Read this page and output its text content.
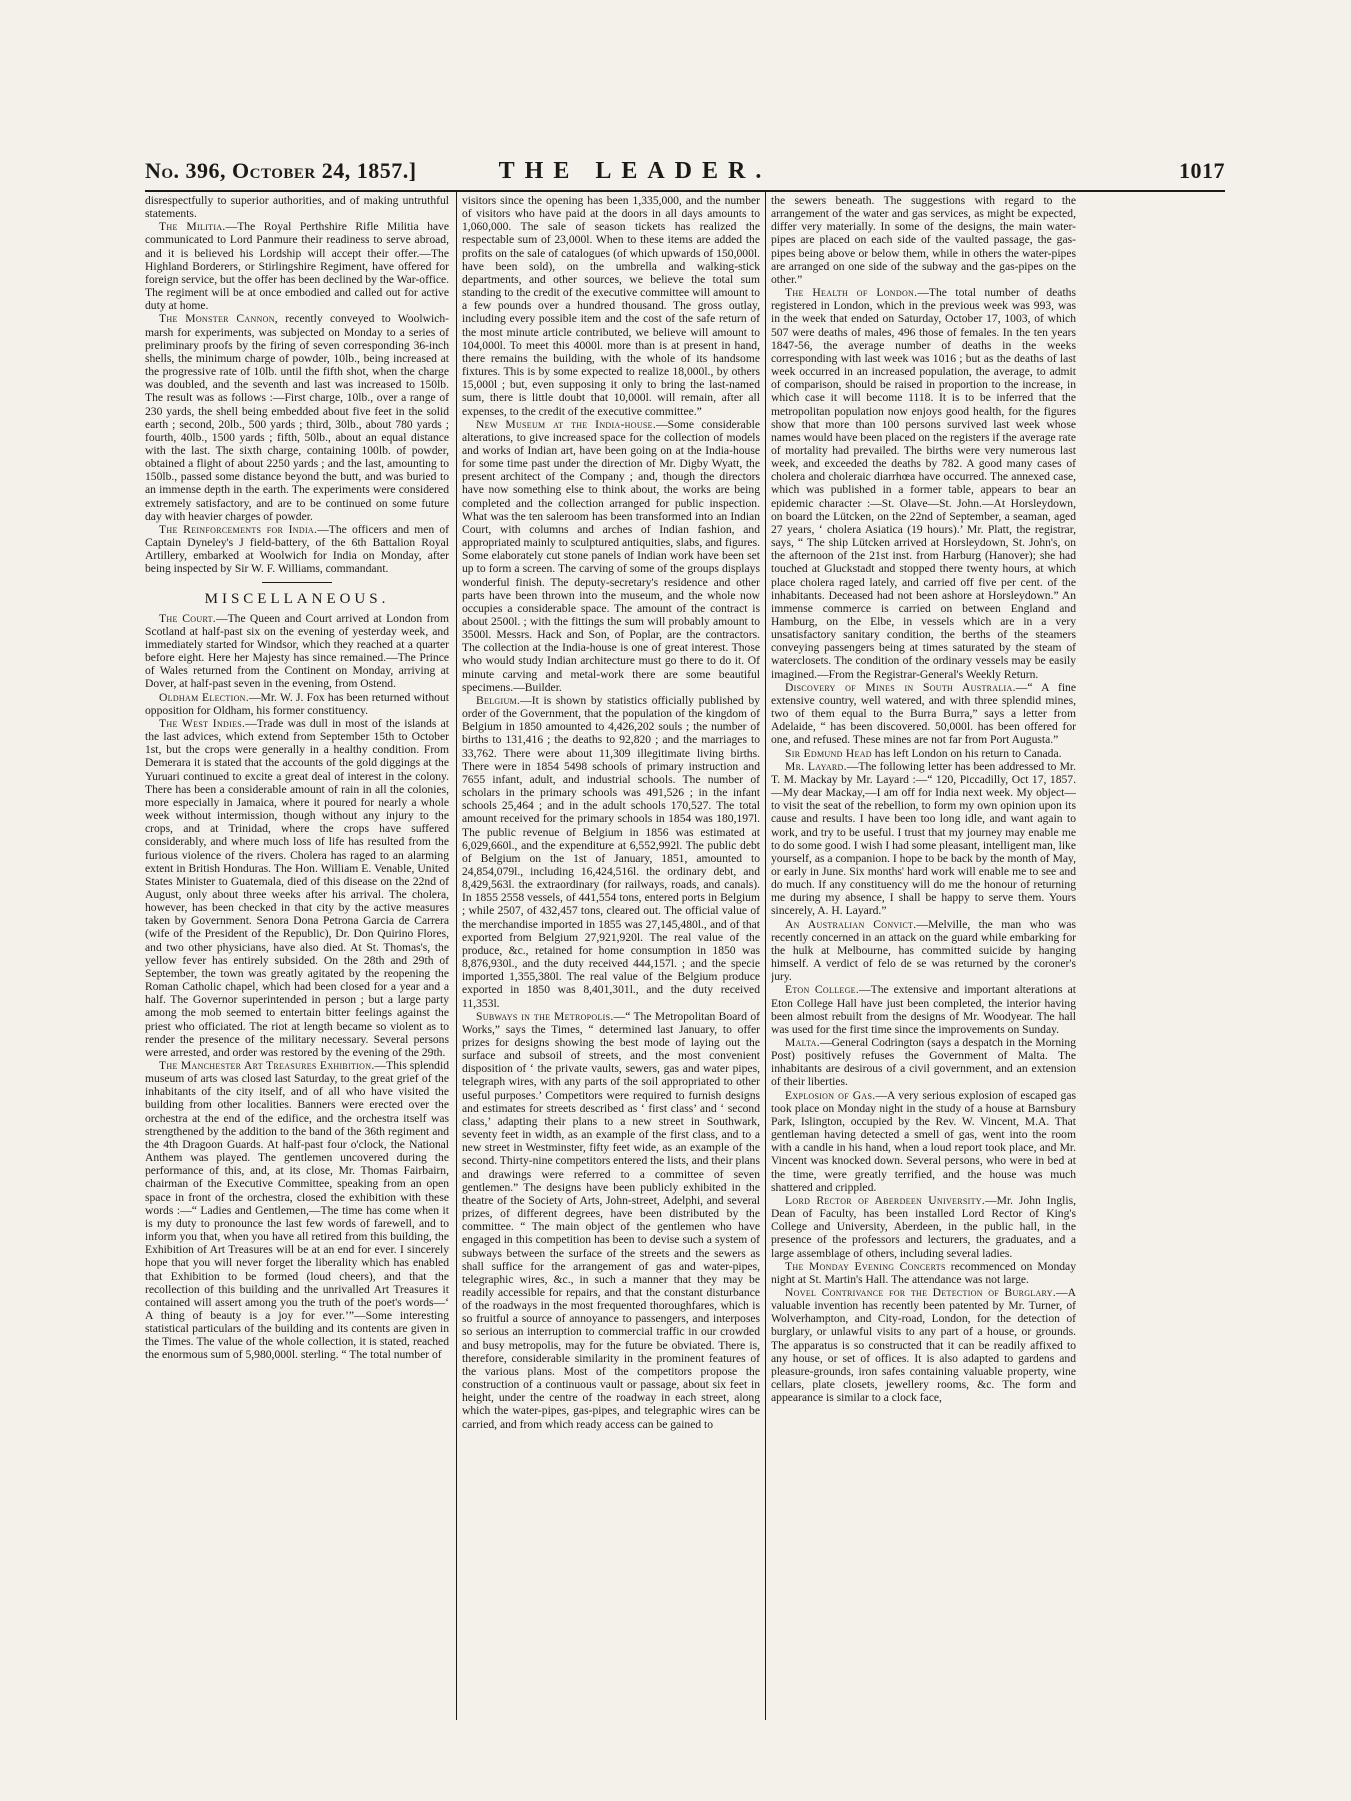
No. 396, October 24, 1857.]	THE LEADER.	1017

disrespectfully to superior authorities, and of making untruthful statements.

The Militia.—The Royal Perthshire Rifle Militia have communicated to Lord Panmure their readiness to serve abroad, and it is believed his Lordship will accept their offer.—The Highland Borderers, or Stirlingshire Regiment, have offered for foreign service, but the offer has been declined by the War-office. The regiment will be at once embodied and called out for active duty at home.

The Monster Cannon, recently conveyed to Woolwich-marsh for experiments, was subjected on Monday to a series of preliminary proofs by the firing of seven corresponding 36-inch shells, the minimum charge of powder, 10lb., being increased at the progressive rate of 10lb. until the fifth shot, when the charge was doubled, and the seventh and last was increased to 150lb. The result was as follows :—First charge, 10lb., over a range of 230 yards, the shell being embedded about five feet in the solid earth ; second, 20lb., 500 yards ; third, 30lb., about 780 yards ; fourth, 40lb., 1500 yards ; fifth, 50lb., about an equal distance with the last. The sixth charge, containing 100lb. of powder, obtained a flight of about 2250 yards ; and the last, amounting to 150lb., passed some distance beyond the butt, and was buried to an immense depth in the earth. The experiments were considered extremely satisfactory, and are to be continued on some future day with heavier charges of powder.

The Reinforcements for India.—The officers and men of Captain Dyneley's J field-battery, of the 6th Battalion Royal Artillery, embarked at Woolwich for India on Monday, after being inspected by Sir W. F. Williams, commandant.

MISCELLANEOUS.

The Court.—The Queen and Court arrived at London from Scotland at half-past six on the evening of yesterday week, and immediately started for Windsor, which they reached at a quarter before eight. Here her Majesty has since remained.—The Prince of Wales returned from the Continent on Monday, arriving at Dover, at half-past seven in the evening, from Ostend.

Oldham Election.—Mr. W. J. Fox has been returned without opposition for Oldham, his former constituency.

The West Indies.—Trade was dull in most of the islands at the last advices, which extend from September 15th to October 1st, but the crops were generally in a healthy condition. From Demerara it is stated that the accounts of the gold diggings at the Yuruari continued to excite a great deal of interest in the colony. There has been a considerable amount of rain in all the colonies, more especially in Jamaica, where it poured for nearly a whole week without intermission, though without any injury to the crops, and at Trinidad, where the crops have suffered considerably, and where much loss of life has resulted from the furious violence of the rivers. Cholera has raged to an alarming extent in British Honduras. The Hon. William E. Venable, United States Minister to Guatemala, died of this disease on the 22nd of August, only about three weeks after his arrival. The cholera, however, has been checked in that city by the active measures taken by Government. Senora Dona Petrona Garcia de Carrera (wife of the President of the Republic), Dr. Don Quirino Flores, and two other physicians, have also died. At St. Thomas's, the yellow fever has entirely subsided. On the 28th and 29th of September, the town was greatly agitated by the reopening the Roman Catholic chapel, which had been closed for a year and a half. The Governor superintended in person ; but a large party among the mob seemed to entertain bitter feelings against the priest who officiated. The riot at length became so violent as to render the presence of the military necessary. Several persons were arrested, and order was restored by the evening of the 29th.

The Manchester Art Treasures Exhibition.—This splendid museum of arts was closed last Saturday, to the great grief of the inhabitants of the city itself, and of all who have visited the building from other localities. Banners were erected over the orchestra at the end of the edifice, and the orchestra itself was strengthened by the addition to the band of the 36th regiment and the 4th Dragoon Guards. At half-past four o'clock, the National Anthem was played. The gentlemen uncovered during the performance of this, and, at its close, Mr. Thomas Fairbairn, chairman of the Executive Committee, speaking from an open space in front of the orchestra, closed the exhibition with these words :—“ Ladies and Gentlemen,—The time has come when it is my duty to pronounce the last few words of farewell, and to inform you that, when you have all retired from this building, the Exhibition of Art Treasures will be at an end for ever. I sincerely hope that you will never forget the liberality which has enabled that Exhibition to be formed (loud cheers), and that the recollection of this building and the unrivalled Art Treasures it contained will assert among you the truth of the poet's words—‘ A thing of beauty is a joy for ever.’”—Some interesting statistical particulars of the building and its contents are given in the Times. The value of the whole collection, it is stated, reached the enormous sum of 5,980,000l. sterling. “ The total number of

visitors since the opening has been 1,335,000, and the number of visitors who have paid at the doors in all days amounts to 1,060,000. The sale of season tickets has realized the respectable sum of 23,000l. When to these items are added the profits on the sale of catalogues (of which upwards of 150,000l. have been sold), on the umbrella and walking-stick departments, and other sources, we believe the total sum standing to the credit of the executive committee will amount to a few pounds over a hundred thousand. The gross outlay, including every possible item and the cost of the safe return of the most minute article contributed, we believe will amount to 104,000l. To meet this 4000l. more than is at present in hand, there remains the building, with the whole of its handsome fixtures. This is by some expected to realize 18,000l., by others 15,000l ; but, even supposing it only to bring the last-named sum, there is little doubt that 10,000l. will remain, after all expenses, to the credit of the executive committee.”

New Museum at the India-house.—Some considerable alterations, to give increased space for the collection of models and works of Indian art, have been going on at the India-house for some time past under the direction of Mr. Digby Wyatt, the present architect of the Company ; and, though the directors have now something else to think about, the works are being completed and the collection arranged for public inspection. What was the ten saleroom has been transformed into an Indian Court, with columns and arches of Indian fashion, and appropriated mainly to sculptured antiquities, slabs, and figures. Some elaborately cut stone panels of Indian work have been set up to form a screen. The carving of some of the groups displays wonderful finish. The deputy-secretary's residence and other parts have been thrown into the museum, and the whole now occupies a considerable space. The amount of the contract is about 2500l. ; with the fittings the sum will probably amount to 3500l. Messrs. Hack and Son, of Poplar, are the contractors. The collection at the India-house is one of great interest. Those who would study Indian architecture must go there to do it. Of minute carving and metal-work there are some beautiful specimens.—Builder.

Belgium.—It is shown by statistics officially published by order of the Government, that the population of the kingdom of Belgium in 1850 amounted to 4,426,202 souls ; the number of births to 131,416 ; the deaths to 92,820 ; and the marriages to 33,762. There were about 11,309 illegitimate living births. There were in 1854 5498 schools of primary instruction and 7655 infant, adult, and industrial schools. The number of scholars in the primary schools was 491,526 ; in the infant schools 25,464 ; and in the adult schools 170,527. The total amount received for the primary schools in 1854 was 180,197l. The public revenue of Belgium in 1856 was estimated at 6,029,660l., and the expenditure at 6,552,992l. The public debt of Belgium on the 1st of January, 1851, amounted to 24,854,079l., including 16,424,516l. the ordinary debt, and 8,429,563l. the extraordinary (for railways, roads, and canals). In 1855 2558 vessels, of 441,554 tons, entered ports in Belgium ; while 2507, of 432,457 tons, cleared out. The official value of the merchandise imported in 1855 was 27,145,480l., and of that exported from Belgium 27,921,920l. The real value of the produce, &c., retained for home consumption in 1850 was 8,876,930l., and the duty received 444,157l. ; and the specie imported 1,355,380l. The real value of the Belgium produce exported in 1850 was 8,401,301l., and the duty received 11,353l.

Subways in the Metropolis.—“ The Metropolitan Board of Works,” says the Times, “ determined last January, to offer prizes for designs showing the best mode of laying out the surface and subsoil of streets, and the most convenient disposition of ‘ the private vaults, sewers, gas and water pipes, telegraph wires, with any parts of the soil appropriated to other useful purposes.’ Competitors were required to furnish designs and estimates for streets described as ‘ first class’ and ‘ second class,’ adapting their plans to a new street in Southwark, seventy feet in width, as an example of the first class, and to a new street in Westminster, fifty feet wide, as an example of the second. Thirty-nine competitors entered the lists, and their plans and drawings were referred to a committee of seven gentlemen.” The designs have been publicly exhibited in the theatre of the Society of Arts, John-street, Adelphi, and several prizes, of different degrees, have been distributed by the committee. “ The main object of the gentlemen who have engaged in this competition has been to devise such a system of subways between the surface of the streets and the sewers as shall suffice for the arrangement of gas and water-pipes, telegraphic wires, &c., in such a manner that they may be readily accessible for repairs, and that the constant disturbance of the roadways in the most frequented thoroughfares, which is so fruitful a source of annoyance to passengers, and interposes so serious an interruption to commercial traffic in our crowded and busy metropolis, may for the future be obviated. There is, therefore, considerable similarity in the prominent features of the various plans. Most of the competitors propose the construction of a continuous vault or passage, about six feet in height, under the centre of the roadway in each street, along which the water-pipes, gas-pipes, and telegraphic wires can be carried, and from which ready access can be gained to

the sewers beneath. The suggestions with regard to the arrangement of the water and gas services, as might be expected, differ very materially. In some of the designs, the main water-pipes are placed on each side of the vaulted passage, the gas-pipes being above or below them, while in others the water-pipes are arranged on one side of the subway and the gas-pipes on the other.”

The Health of London.—The total number of deaths registered in London, which in the previous week was 993, was in the week that ended on Saturday, October 17, 1003, of which 507 were deaths of males, 496 those of females. In the ten years 1847-56, the average number of deaths in the weeks corresponding with last week was 1016 ; but as the deaths of last week occurred in an increased population, the average, to admit of comparison, should be raised in proportion to the increase, in which case it will become 1118. It is to be inferred that the metropolitan population now enjoys good health, for the figures show that more than 100 persons survived last week whose names would have been placed on the registers if the average rate of mortality had prevailed. The births were very numerous last week, and exceeded the deaths by 782. A good many cases of cholera and choleraic diarrhœa have occurred. The annexed case, which was published in a former table, appears to bear an epidemic character :—St. Olave—St. John.—At Horsleydown, on board the Lütcken, on the 22nd of September, a seaman, aged 27 years, ‘ cholera Asiatica (19 hours).’ Mr. Platt, the registrar, says, “ The ship Lütcken arrived at Horsleydown, St. John's, on the afternoon of the 21st inst. from Harburg (Hanover); she had touched at Gluckstadt and stopped there twenty hours, at which place cholera raged lately, and carried off five per cent. of the inhabitants. Deceased had not been ashore at Horsleydown.” An immense commerce is carried on between England and Hamburg, on the Elbe, in vessels which are in a very unsatisfactory sanitary condition, the berths of the steamers conveying passengers being at times saturated by the steam of waterclosets. The condition of the ordinary vessels may be easily imagined.—From the Registrar-General's Weekly Return.

Discovery of Mines in South Australia.—“ A fine extensive country, well watered, and with three splendid mines, two of them equal to the Burra Burra,” says a letter from Adelaide, “ has been discovered. 50,000l. has been offered for one, and refused. These mines are not far from Port Augusta.”

Sir Edmund Head has left London on his return to Canada.

Mr. Layard.—The following letter has been addressed to Mr. T. M. Mackay by Mr. Layard :—“ 120, Piccadilly, Oct 17, 1857.—My dear Mackay,—I am off for India next week. My object—to visit the seat of the rebellion, to form my own opinion upon its cause and results. I have been too long idle, and want again to work, and try to be useful. I trust that my journey may enable me to do some good. I wish I had some pleasant, intelligent man, like yourself, as a companion. I hope to be back by the month of May, or early in June. Six months' hard work will enable me to see and do much. If any constituency will do me the honour of returning me during my absence, I shall be happy to serve them. Yours sincerely, A. H. Layard.”

An Australian Convict.—Melville, the man who was recently concerned in an attack on the guard while embarking for the hulk at Melbourne, has committed suicide by hanging himself. A verdict of felo de se was returned by the coroner's jury.

Eton College.—The extensive and important alterations at Eton College Hall have just been completed, the interior having been almost rebuilt from the designs of Mr. Woodyear. The hall was used for the first time since the improvements on Sunday.

Malta.—General Codrington (says a despatch in the Morning Post) positively refuses the Government of Malta. The inhabitants are desirous of a civil government, and an extension of their liberties.

Explosion of Gas.—A very serious explosion of escaped gas took place on Monday night in the study of a house at Barnsbury Park, Islington, occupied by the Rev. W. Vincent, M.A. That gentleman having detected a smell of gas, went into the room with a candle in his hand, when a loud report took place, and Mr. Vincent was knocked down. Several persons, who were in bed at the time, were greatly terrified, and the house was much shattered and crippled.

Lord Rector of Aberdeen University.—Mr. John Inglis, Dean of Faculty, has been installed Lord Rector of King's College and University, Aberdeen, in the public hall, in the presence of the professors and lecturers, the graduates, and a large assemblage of others, including several ladies.

The Monday Evening Concerts recommenced on Monday night at St. Martin's Hall. The attendance was not large.

Novel Contrivance for the Detection of Burglary.—A valuable invention has recently been patented by Mr. Turner, of Wolverhampton, and City-road, London, for the detection of burglary, or unlawful visits to any part of a house, or grounds. The apparatus is so constructed that it can be readily affixed to any house, or set of offices. It is also adapted to gardens and pleasure-grounds, iron safes containing valuable property, wine cellars, plate closets, jewellery rooms, &c. The form and appearance is similar to a clock face,
